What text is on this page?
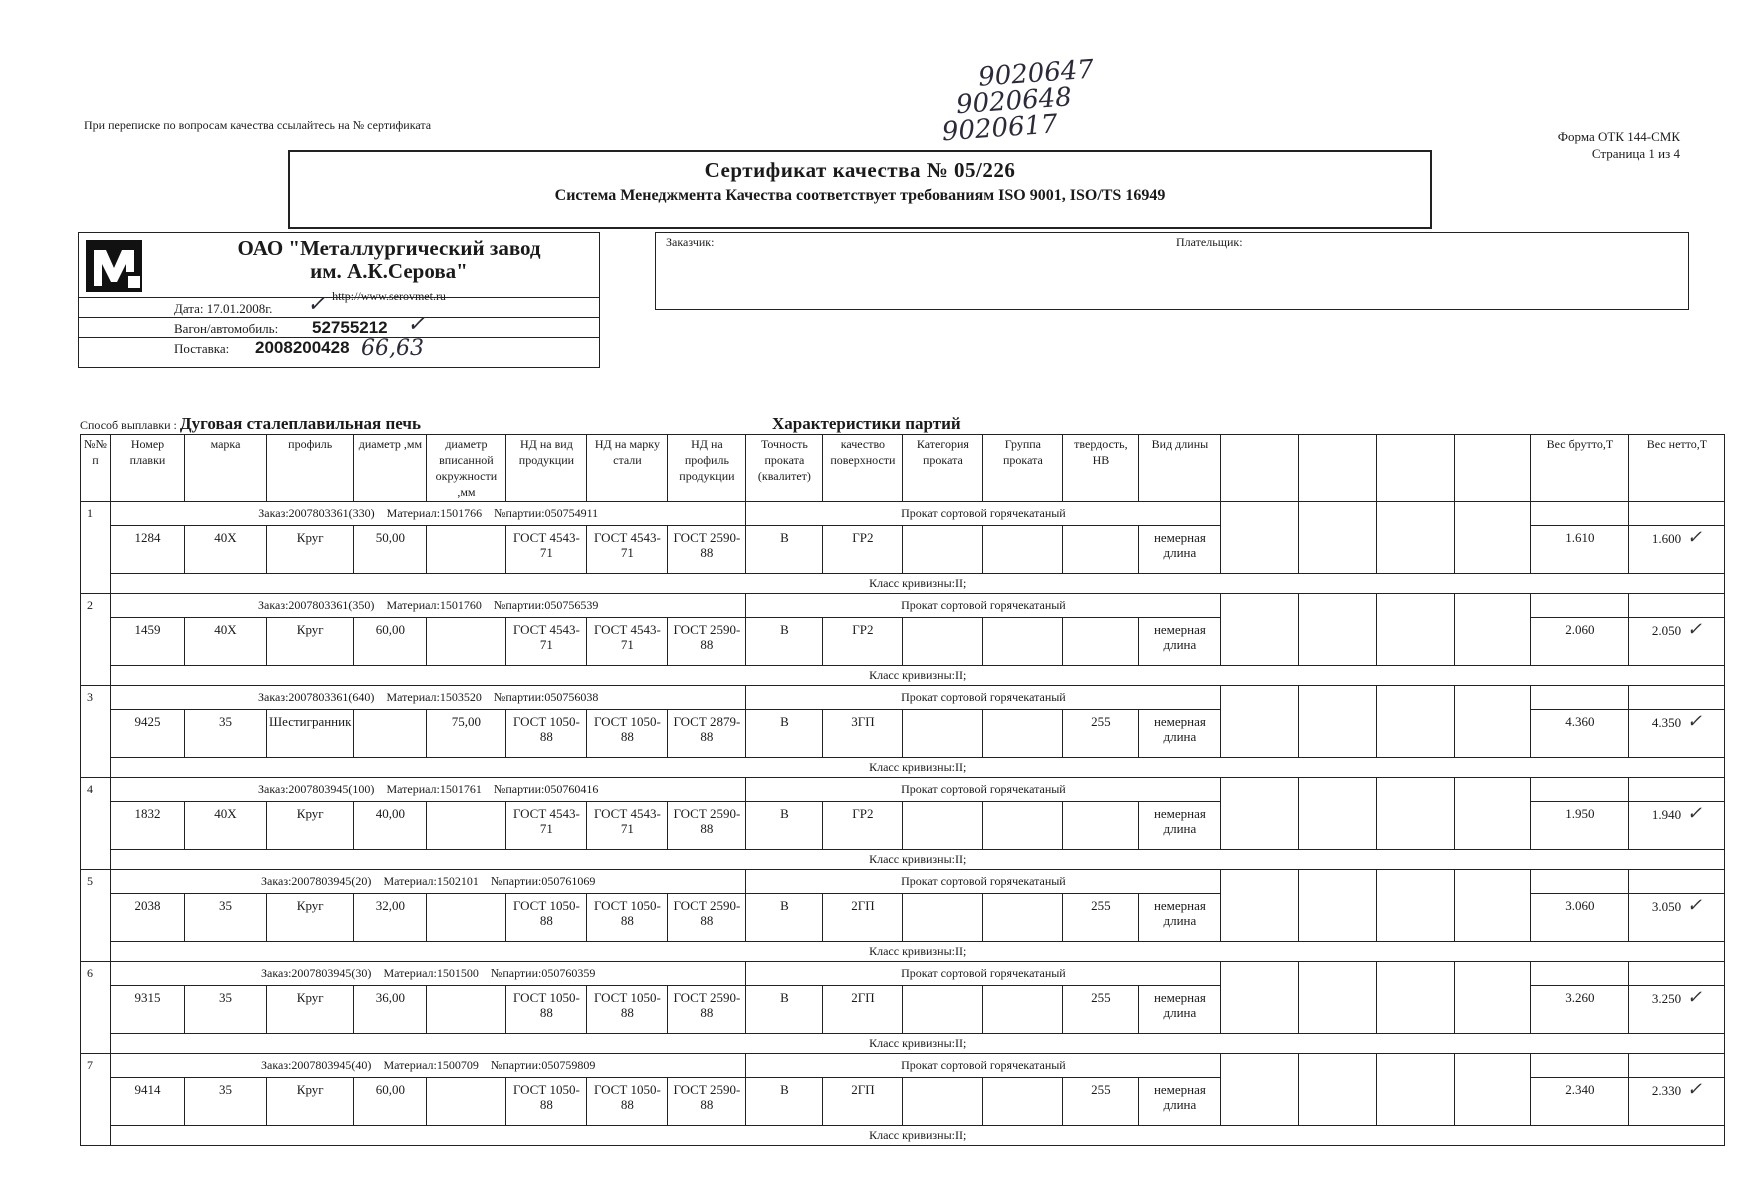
При переписке по вопросам качества ссылайтесь на № сертификата
Форма ОТК 144-СМК
Страница 1 из 4
9020647
9020648
9020617
Сертификат качества № 05/226
Система Менеджмента Качества соответствует требованиям ISO 9001, ISO/TS 16949
ОАО "Металлургический завод
им. А.К.Серова"
http://www.serovmet.ru
Дата: 17.01.2008г. ✓
Вагон/автомобиль: 52755212 ✓
Поставка: 2008200428 66,63
Заказчик:	Плательщик:
Способ выплавки : Дуговая сталеплавильная печь	Характеристики партий
№№ п	Номер плавки	марка	профиль	диаметр ,мм	диаметр вписанной окружности ,мм	НД на вид продукции	НД на марку стали	НД на профиль продукции	Точность проката (квалитет)	качество поверхности	Категория проката	Группа проката	твердость, НВ	Вид длины					Вес брутто,Т	Вес нетто,Т
1	Заказ:2007803361(330) Материал:1501766 №партии:050754911								Прокат сортовой горячекатаный											
	1284	40Х	Круг	50,00		ГОСТ 4543-71	ГОСТ 4543-71	ГОСТ 2590-88	В	ГР2				немерная длина					1.610	1.600 ✓
	Класс кривизны:II;																			
2	Заказ:2007803361(350) Материал:1501760 №партии:050756539								Прокат сортовой горячекатаный											
	1459	40Х	Круг	60,00		ГОСТ 4543-71	ГОСТ 4543-71	ГОСТ 2590-88	В	ГР2				немерная длина					2.060	2.050 ✓
	Класс кривизны:II;																			
3	Заказ:2007803361(640) Материал:1503520 №партии:050756038								Прокат сортовой горячекатаный											
	9425	35	Шестигранник		75,00	ГОСТ 1050-88	ГОСТ 1050-88	ГОСТ 2879-88	В	3ГП			255	немерная длина					4.360	4.350 ✓
	Класс кривизны:II;																			
4	Заказ:2007803945(100) Материал:1501761 №партии:050760416								Прокат сортовой горячекатаный											
	1832	40Х	Круг	40,00		ГОСТ 4543-71	ГОСТ 4543-71	ГОСТ 2590-88	В	ГР2				немерная длина					1.950	1.940 ✓
	Класс кривизны:II;																			
5	Заказ:2007803945(20) Материал:1502101 №партии:050761069								Прокат сортовой горячекатаный											
	2038	35	Круг	32,00		ГОСТ 1050-88	ГОСТ 1050-88	ГОСТ 2590-88	В	2ГП			255	немерная длина					3.060	3.050 ✓
	Класс кривизны:II;																			
6	Заказ:2007803945(30) Материал:1501500 №партии:050760359								Прокат сортовой горячекатаный											
	9315	35	Круг	36,00		ГОСТ 1050-88	ГОСТ 1050-88	ГОСТ 2590-88	В	2ГП			255	немерная длина					3.260	3.250 ✓
	Класс кривизны:II;																			
7	Заказ:2007803945(40) Материал:1500709 №партии:050759809								Прокат сортовой горячекатаный											
	9414	35	Круг	60,00		ГОСТ 1050-88	ГОСТ 1050-88	ГОСТ 2590-88	В	2ГП			255	немерная длина					2.340	2.330 ✓
	Класс кривизны:II;																			
